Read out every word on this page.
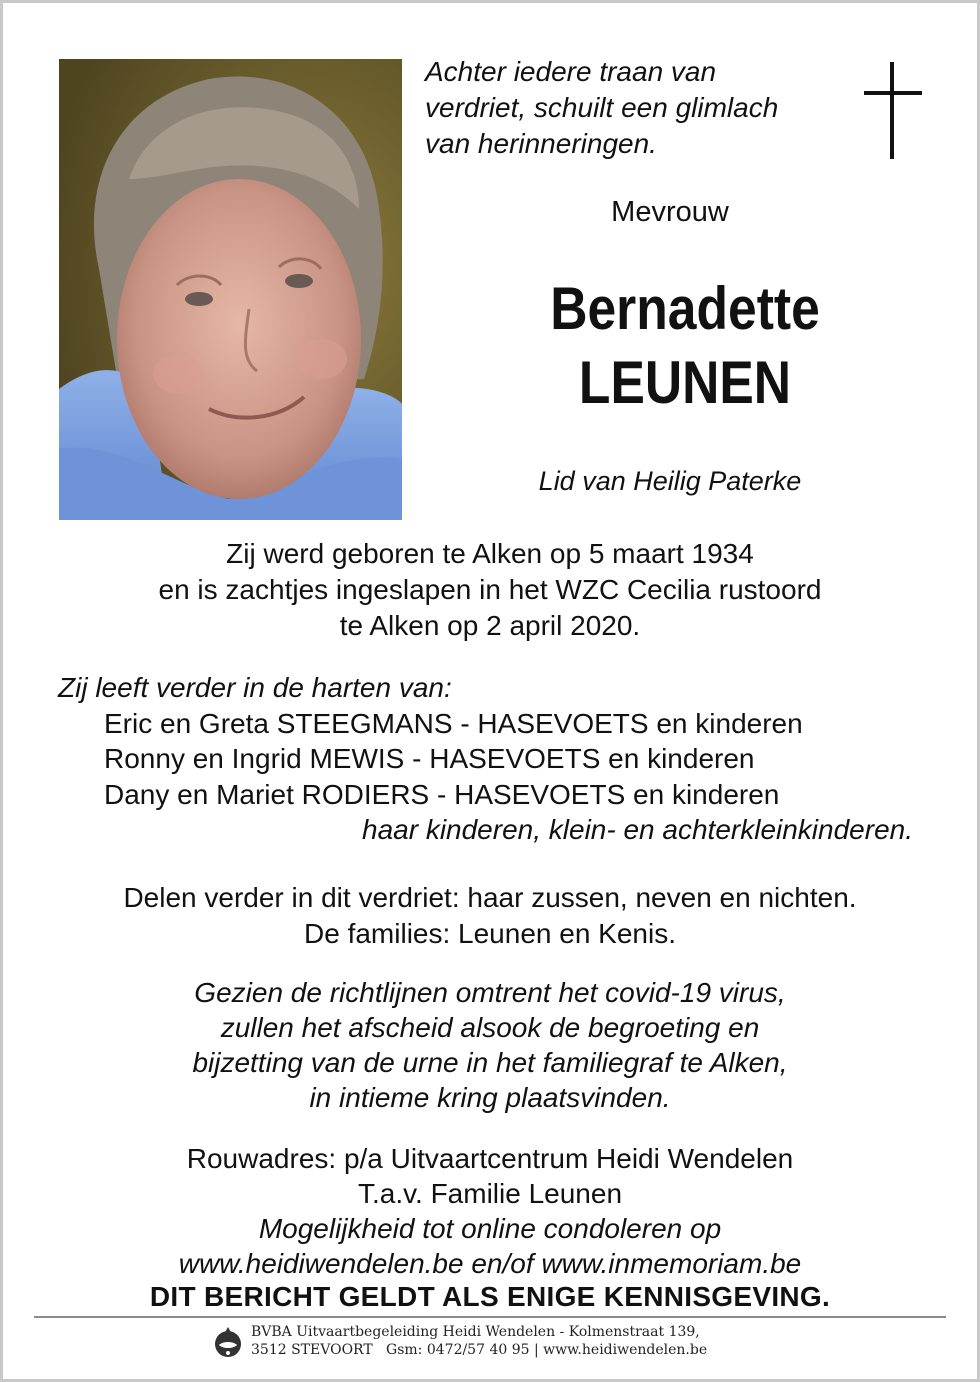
Achter iedere traan van
verdriet, schuilt een glimlach
van herinneringen.
Mevrouw
Bernadette
LEUNEN
Lid van Heilig Paterke
Zij werd geboren te Alken op 5 maart 1934
en is zachtjes ingeslapen in het WZC Cecilia rustoord
te Alken op 2 april 2020.
Zij leeft verder in de harten van:
Eric en Greta STEEGMANS - HASEVOETS en kinderen
Ronny en Ingrid MEWIS - HASEVOETS en kinderen
Dany en Mariet RODIERS - HASEVOETS en kinderen
haar kinderen, klein- en achterkleinkinderen.
Delen verder in dit verdriet: haar zussen, neven en nichten.
De families: Leunen en Kenis.
Gezien de richtlijnen omtrent het covid-19 virus,
zullen het afscheid alsook de begroeting en
bijzetting van de urne in het familiegraf te Alken,
in intieme kring plaatsvinden.
Rouwadres: p/a Uitvaartcentrum Heidi Wendelen
T.a.v. Familie Leunen
Mogelijkheid tot online condoleren op
www.heidiwendelen.be en/of www.inmemoriam.be
DIT BERICHT GELDT ALS ENIGE KENNISGEVING.
BVBA Uitvaartbegeleiding Heidi Wendelen - Kolmenstraat 139,
3512 STEVOORT   Gsm: 0472/57 40 95 | www.heidiwendelen.be
